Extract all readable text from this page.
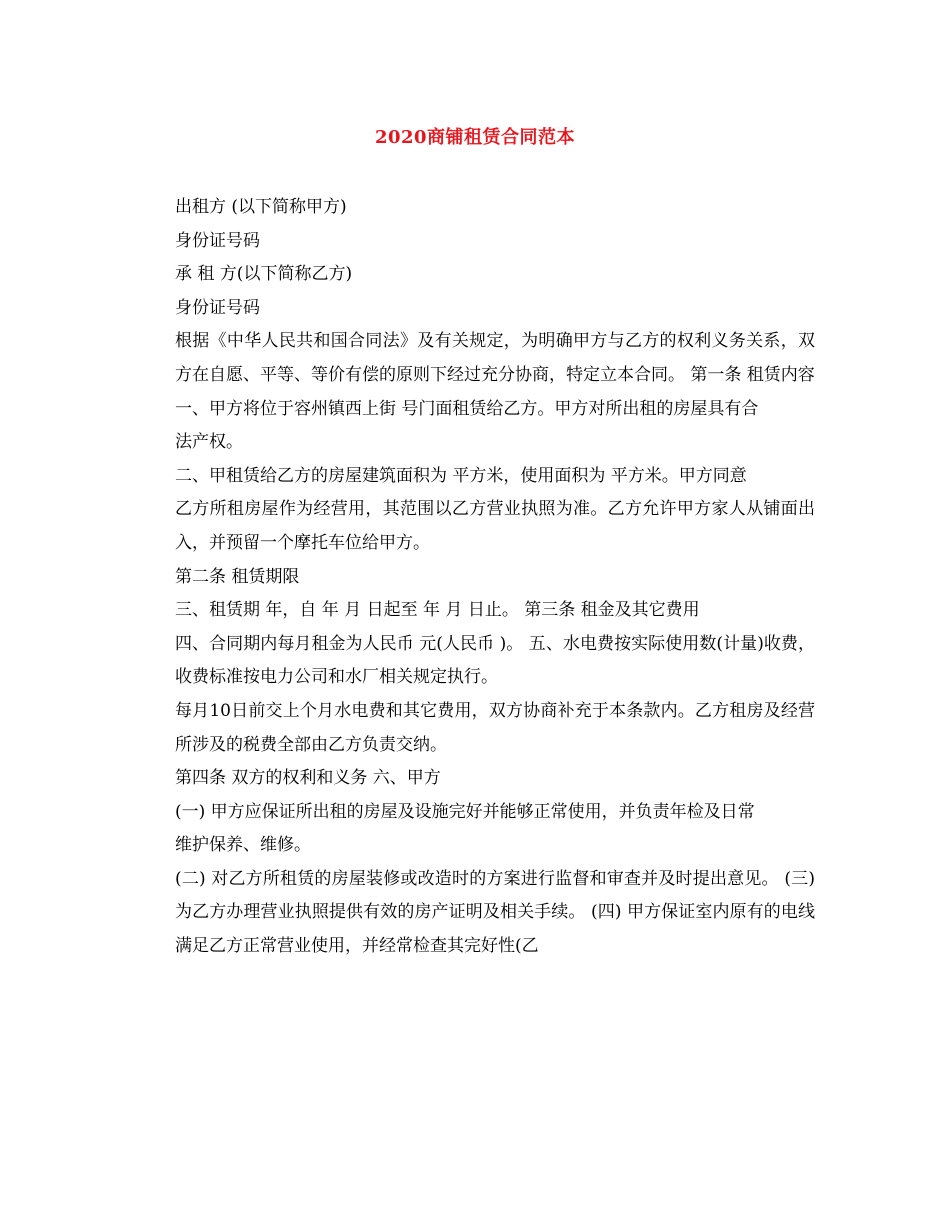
2020商铺租赁合同范本

出租方 (以下简称甲方)

身份证号码

承 租 方(以下简称乙方)

身份证号码

根据《中华人民共和国合同法》及有关规定，为明确甲方与乙方的权利义务关系，双方在自愿、平等、等价有偿的原则下经过充分协商，特定立本合同。 第一条 租赁内容

一、甲方将位于容州镇西上街 号门面租赁给乙方。甲方对所出租的房屋具有合

法产权。

二、甲租赁给乙方的房屋建筑面积为 平方米，使用面积为 平方米。甲方同意

乙方所租房屋作为经营用，其范围以乙方营业执照为准。乙方允许甲方家人从铺面出入，并预留一个摩托车位给甲方。

第二条 租赁期限

三、租赁期 年，自 年 月 日起至 年 月 日止。 第三条 租金及其它费用

四、合同期内每月租金为人民币 元(人民币 )。 五、水电费按实际使用数(计量)收费，收费标准按电力公司和水厂相关规定执行。

每月10日前交上个月水电费和其它费用，双方协商补充于本条款内。乙方租房及经营所涉及的税费全部由乙方负责交纳。

第四条 双方的权利和义务 六、甲方

(一) 甲方应保证所出租的房屋及设施完好并能够正常使用，并负责年检及日常

维护保养、维修。

(二) 对乙方所租赁的房屋装修或改造时的方案进行监督和审查并及时提出意见。 (三) 为乙方办理营业执照提供有效的房产证明及相关手续。 (四) 甲方保证室内原有的电线满足乙方正常营业使用，并经常检查其完好性(乙
